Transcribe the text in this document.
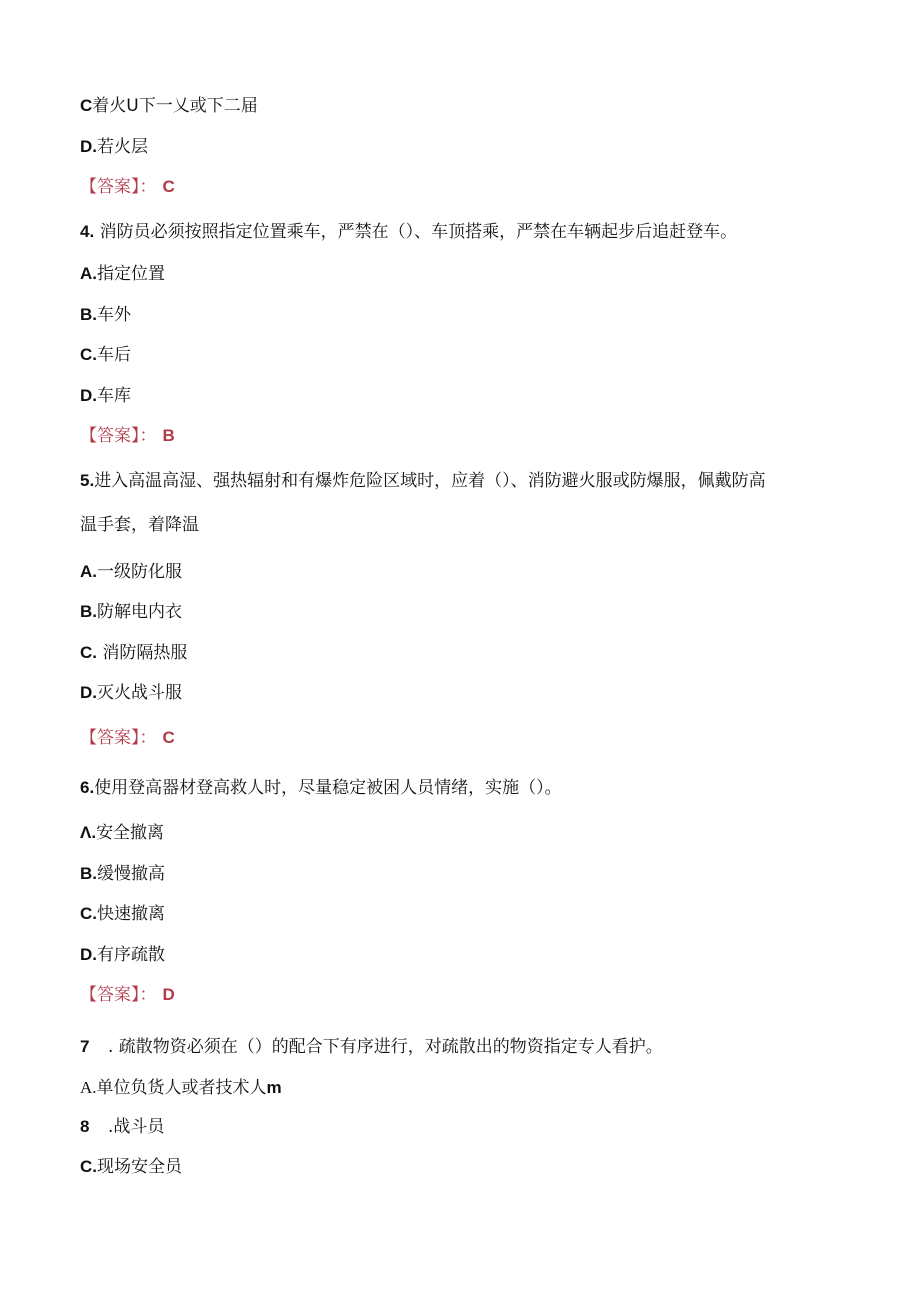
C着火U下一乂或下二届
D.若火层
【答案】： C
4. 消防员必须按照指定位置乘车，严禁在（）、车顶搭乘，严禁在车辆起步后追赶登车。
A.指定位置
B.车外
C.车后
D.车库
【答案】： B
5.进入高温高湿、强热辐射和有爆炸危险区域时，应着（）、消防避火服或防爆服，佩戴防高
温手套，着降温
A.一级防化服
B.防解电内衣
C. 消防隔热服
D.灭火战斗服
【答案】： C
6.使用登高器材登高救人时，尽量稳定被困人员情绪，实施（）。
Λ.安全撤离
B.缓慢撤高
C.快速撤离
D.有序疏散
【答案】： D
7 . 疏散物资必须在（）的配合下有序进行，对疏散出的物资指定专人看护。
A.单位负货人或者技术人m
8 .战斗员
C.现场安全员
